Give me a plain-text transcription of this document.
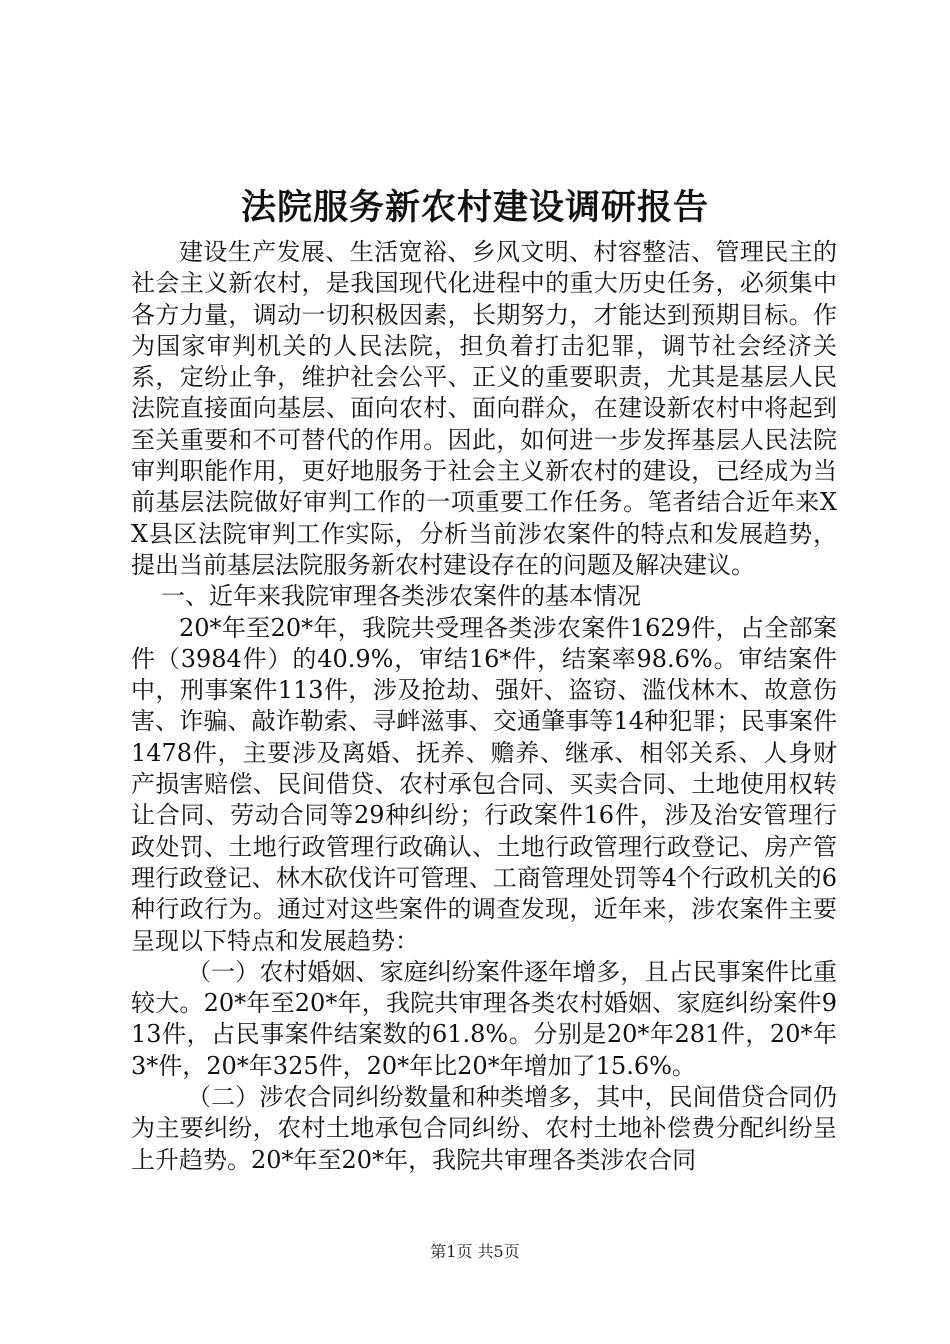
法院服务新农村建设调研报告

建设生产发展、生活宽裕、乡风文明、村容整洁、管理民主的社会主义新农村，是我国现代化进程中的重大历史任务，必须集中各方力量，调动一切积极因素，长期努力，才能达到预期目标。作为国家审判机关的人民法院，担负着打击犯罪，调节社会经济关系，定纷止争，维护社会公平、正义的重要职责，尤其是基层人民法院直接面向基层、面向农村、面向群众，在建设新农村中将起到至关重要和不可替代的作用。因此，如何进一步发挥基层人民法院审判职能作用，更好地服务于社会主义新农村的建设，已经成为当前基层法院做好审判工作的一项重要工作任务。笔者结合近年来XX县区法院审判工作实际，分析当前涉农案件的特点和发展趋势，提出当前基层法院服务新农村建设存在的问题及解决建议。

一、近年来我院审理各类涉农案件的基本情况

20*年至20*年，我院共受理各类涉农案件1629件，占全部案件（3984件）的40.9%，审结16*件，结案率98.6%。审结案件中，刑事案件113件，涉及抢劫、强奸、盗窃、滥伐林木、故意伤害、诈骗、敲诈勒索、寻衅滋事、交通肇事等14种犯罪；民事案件1478件，主要涉及离婚、抚养、赡养、继承、相邻关系、人身财产损害赔偿、民间借贷、农村承包合同、买卖合同、土地使用权转让合同、劳动合同等29种纠纷；行政案件16件，涉及治安管理行政处罚、土地行政管理行政确认、土地行政管理行政登记、房产管理行政登记、林木砍伐许可管理、工商管理处罚等4个行政机关的6种行政行为。通过对这些案件的调查发现，近年来，涉农案件主要呈现以下特点和发展趋势：

（一）农村婚姻、家庭纠纷案件逐年增多，且占民事案件比重较大。20*年至20*年，我院共审理各类农村婚姻、家庭纠纷案件913件，占民事案件结案数的61.8%。分别是20*年281件，20*年3*件，20*年325件，20*年比20*年增加了15.6%。

（二）涉农合同纠纷数量和种类增多，其中，民间借贷合同仍为主要纠纷，农村土地承包合同纠纷、农村土地补偿费分配纠纷呈上升趋势。20*年至20*年，我院共审理各类涉农合同

第1页 共5页
